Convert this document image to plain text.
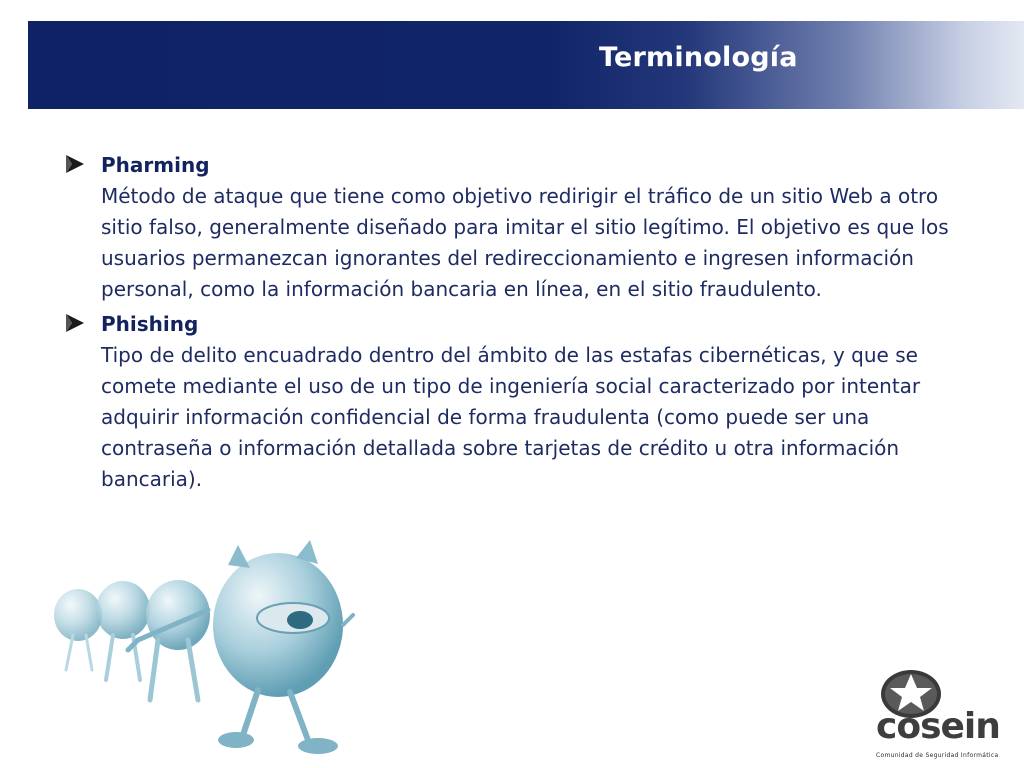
Terminología
Pharming
Método de ataque que tiene como objetivo redirigir el tráfico de un sitio Web a otro sitio falso, generalmente diseñado para imitar el sitio legítimo. El objetivo es que los usuarios permanezcan ignorantes del redireccionamiento e ingresen información personal, como la información bancaria en línea, en el sitio fraudulento.
Phishing
Tipo de delito encuadrado dentro del ámbito de las estafas cibernéticas, y que se comete mediante el uso de un tipo de ingeniería social caracterizado por intentar adquirir información confidencial de forma fraudulenta (como puede ser una contraseña o información detallada sobre tarjetas de crédito u otra información bancaria).
cosein
Comunidad de Seguridad Informática
